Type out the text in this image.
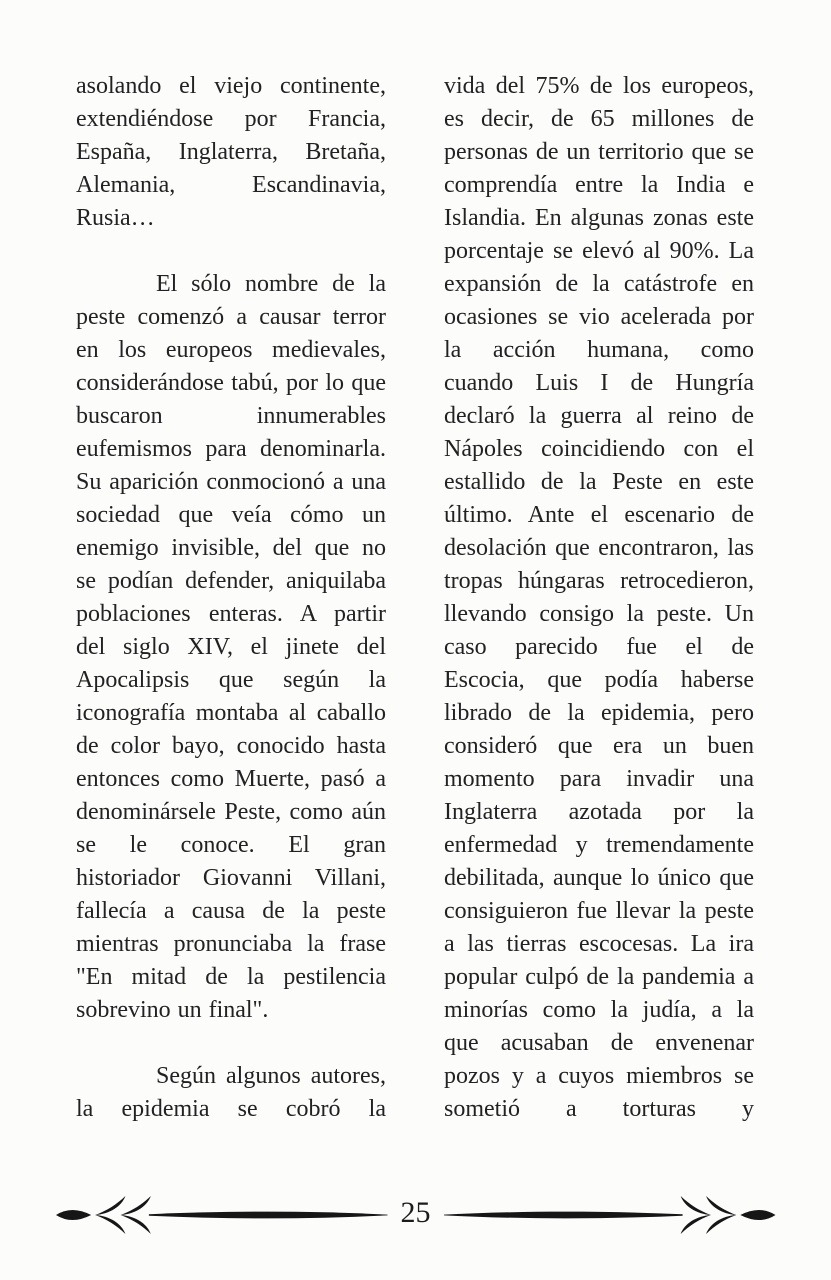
asolando el viejo continente, extendiéndose por Francia, España, Inglaterra, Bretaña, Alemania, Escandinavia, Rusia…

El sólo nombre de la peste comenzó a causar terror en los europeos medievales, considerándose tabú, por lo que buscaron innumerables eufemismos para denominarla. Su aparición conmocionó a una sociedad que veía cómo un enemigo invisible, del que no se podían defender, aniquilaba poblaciones enteras. A partir del siglo XIV, el jinete del Apocalipsis que según la iconografía montaba al caballo de color bayo, conocido hasta entonces como Muerte, pasó a denominársele Peste, como aún se le conoce. El gran historiador Giovanni Villani, fallecía a causa de la peste mientras pronunciaba la frase "En mitad de la pestilencia sobrevino un final".

Según algunos autores, la epidemia se cobró la

vida del 75% de los europeos, es decir, de 65 millones de personas de un territorio que se comprendía entre la India e Islandia. En algunas zonas este porcentaje se elevó al 90%. La expansión de la catástrofe en ocasiones se vio acelerada por la acción humana, como cuando Luis I de Hungría declaró la guerra al reino de Nápoles coincidiendo con el estallido de la Peste en este último. Ante el escenario de desolación que encontraron, las tropas húngaras retrocedieron, llevando consigo la peste. Un caso parecido fue el de Escocia, que podía haberse librado de la epidemia, pero consideró que era un buen momento para invadir una Inglaterra azotada por la enfermedad y tremendamente debilitada, aunque lo único que consiguieron fue llevar la peste a las tierras escocesas. La ira popular culpó de la pandemia a minorías como la judía, a la que acusaban de envenenar pozos y a cuyos miembros se sometió a torturas y

25
